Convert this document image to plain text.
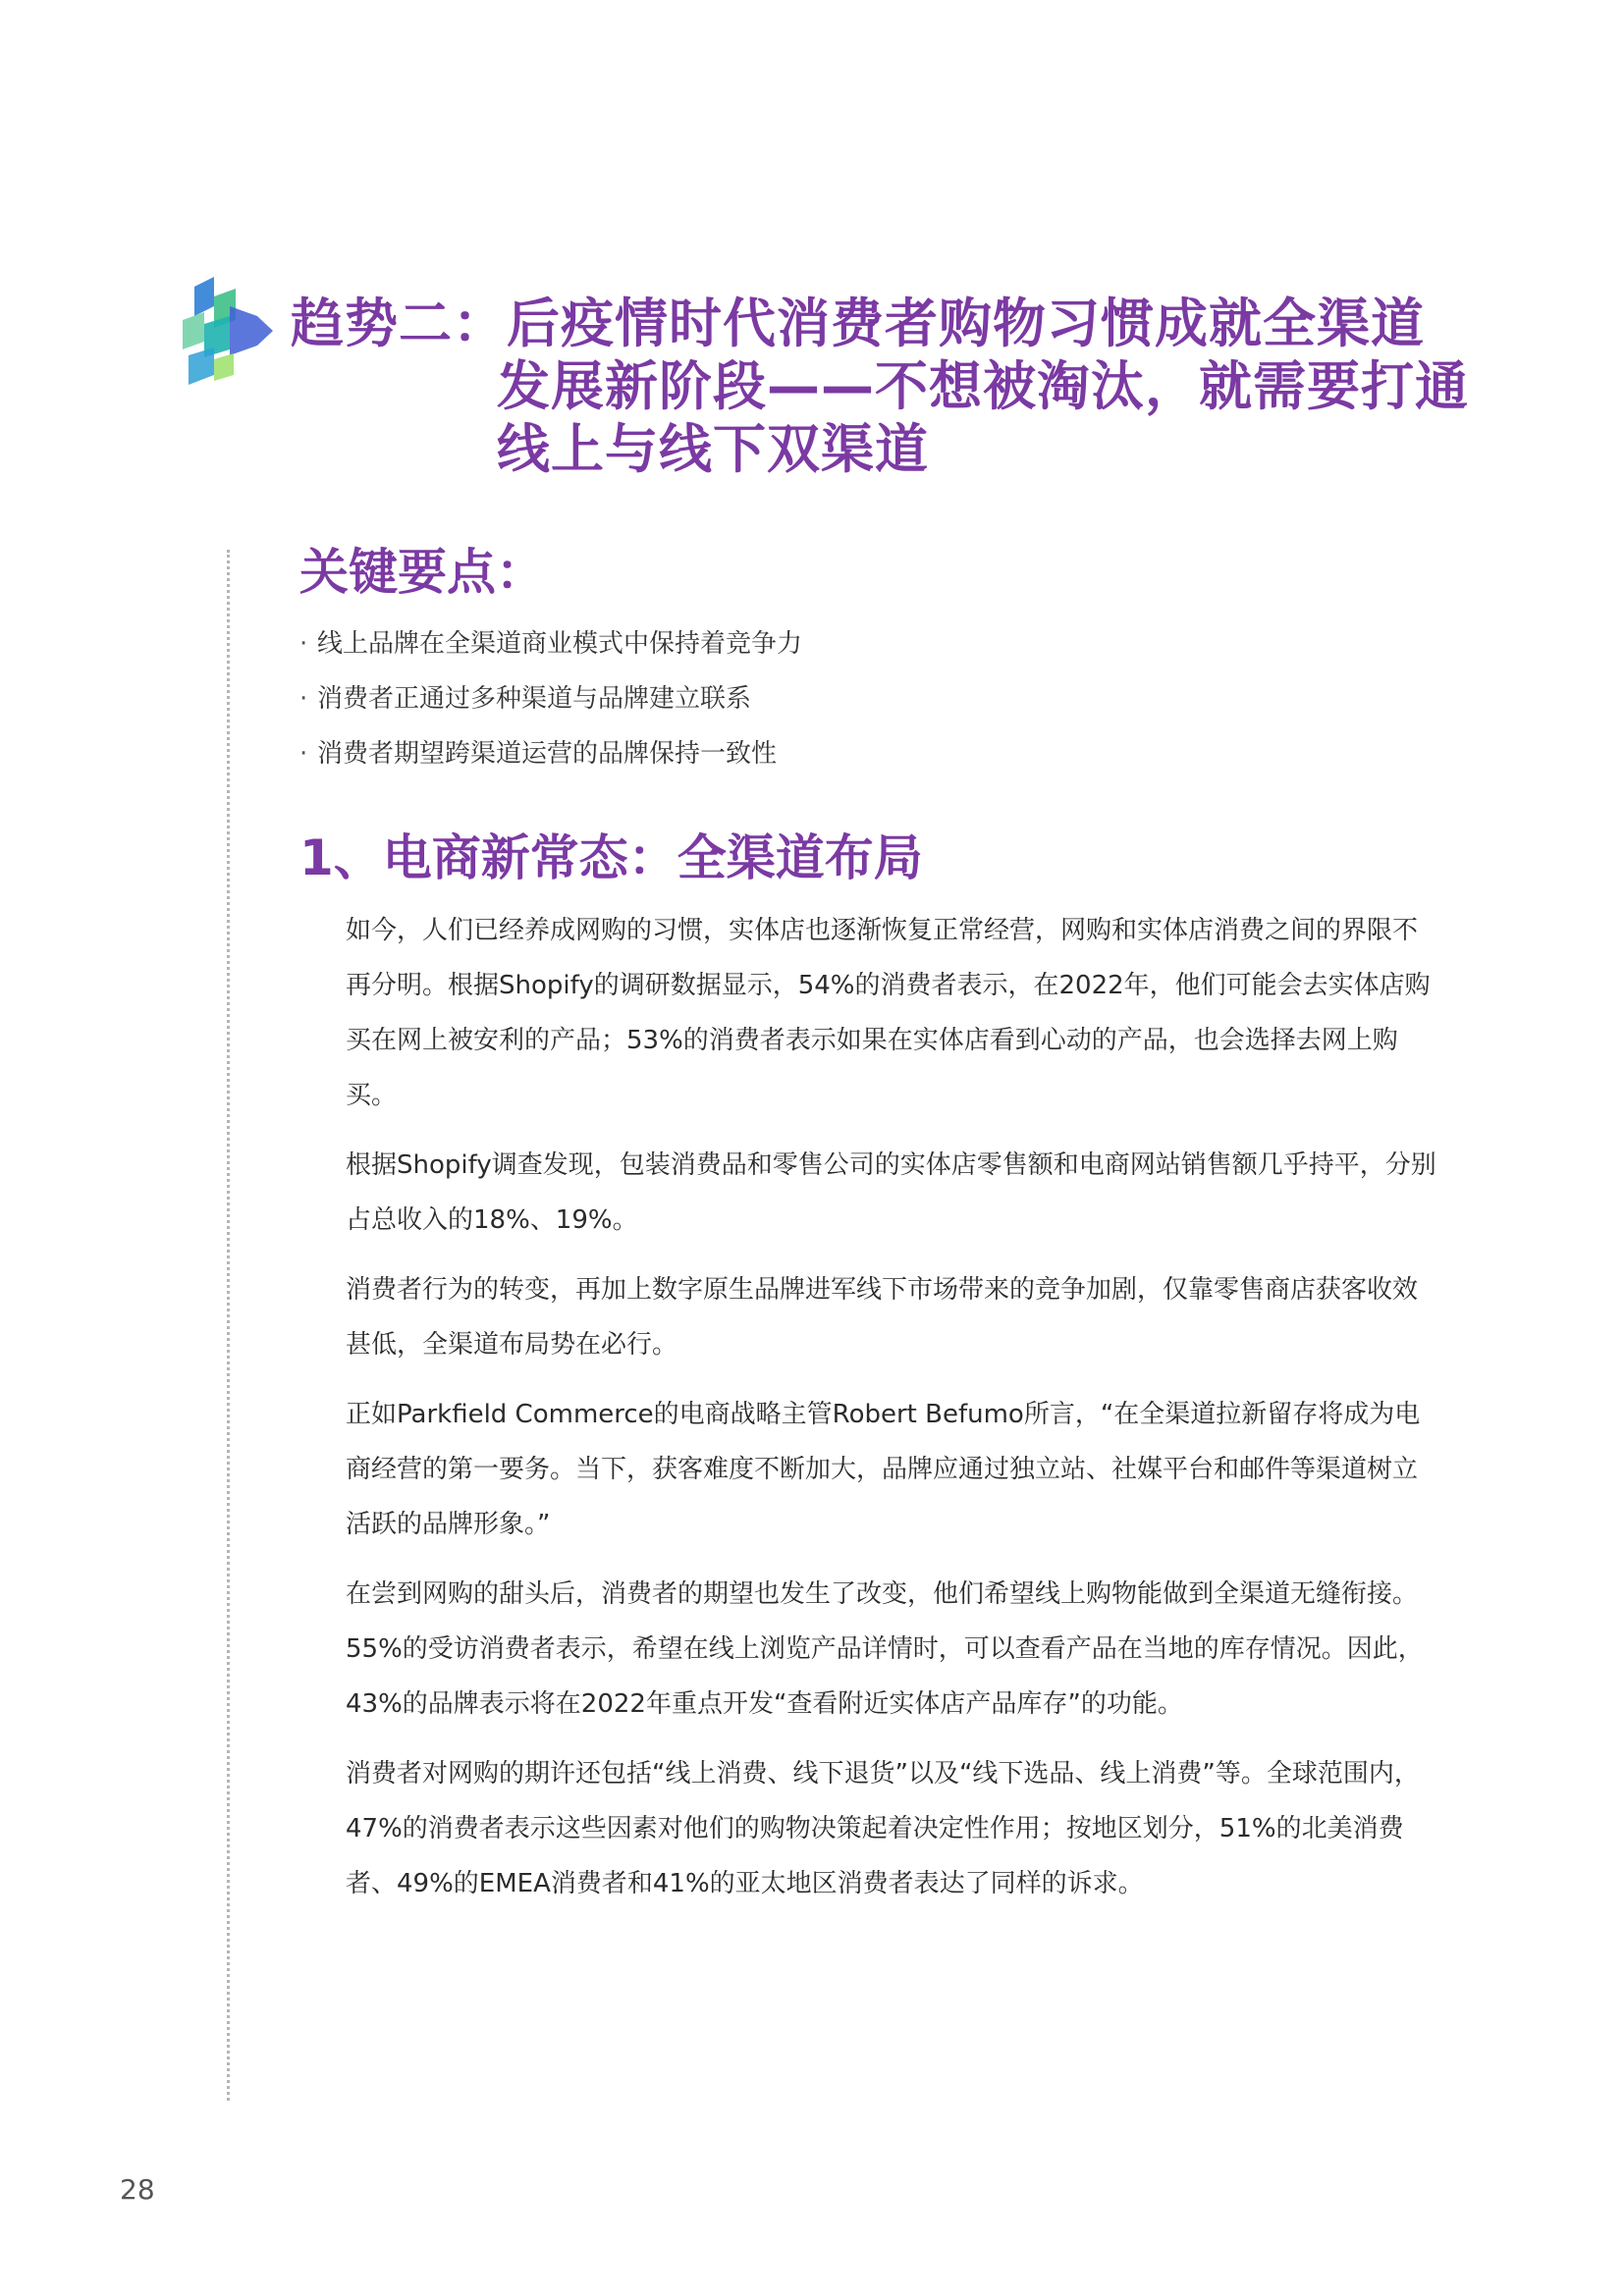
趋势二：后疫情时代消费者购物习惯成就全渠道
发展新阶段——不想被淘汰，就需要打通
线上与线下双渠道
关键要点：
· 线上品牌在全渠道商业模式中保持着竞争力
· 消费者正通过多种渠道与品牌建立联系
· 消费者期望跨渠道运营的品牌保持一致性
1、电商新常态：全渠道布局

如今，人们已经养成网购的习惯，实体店也逐渐恢复正常经营，网购和实体店消费之间的界限不再分明。根据Shopify的调研数据显示，54%的消费者表示，在2022年，他们可能会去实体店购买在网上被安利的产品；53%的消费者表示如果在实体店看到心动的产品，也会选择去网上购买。

根据Shopify调查发现，包装消费品和零售公司的实体店零售额和电商网站销售额几乎持平，分别占总收入的18%、19%。

消费者行为的转变，再加上数字原生品牌进军线下市场带来的竞争加剧，仅靠零售商店获客收效甚低，全渠道布局势在必行。

正如Parkfield Commerce的电商战略主管Robert Befumo所言，“在全渠道拉新留存将成为电商经营的第一要务。当下，获客难度不断加大，品牌应通过独立站、社媒平台和邮件等渠道树立活跃的品牌形象。”

在尝到网购的甜头后，消费者的期望也发生了改变，他们希望线上购物能做到全渠道无缝衔接。55%的受访消费者表示，希望在线上浏览产品详情时，可以查看产品在当地的库存情况。因此，43%的品牌表示将在2022年重点开发“查看附近实体店产品库存”的功能。

消费者对网购的期许还包括“线上消费、线下退货”以及“线下选品、线上消费”等。全球范围内，47%的消费者表示这些因素对他们的购物决策起着决定性作用；按地区划分，51%的北美消费者、49%的EMEA消费者和41%的亚太地区消费者表达了同样的诉求。

28
